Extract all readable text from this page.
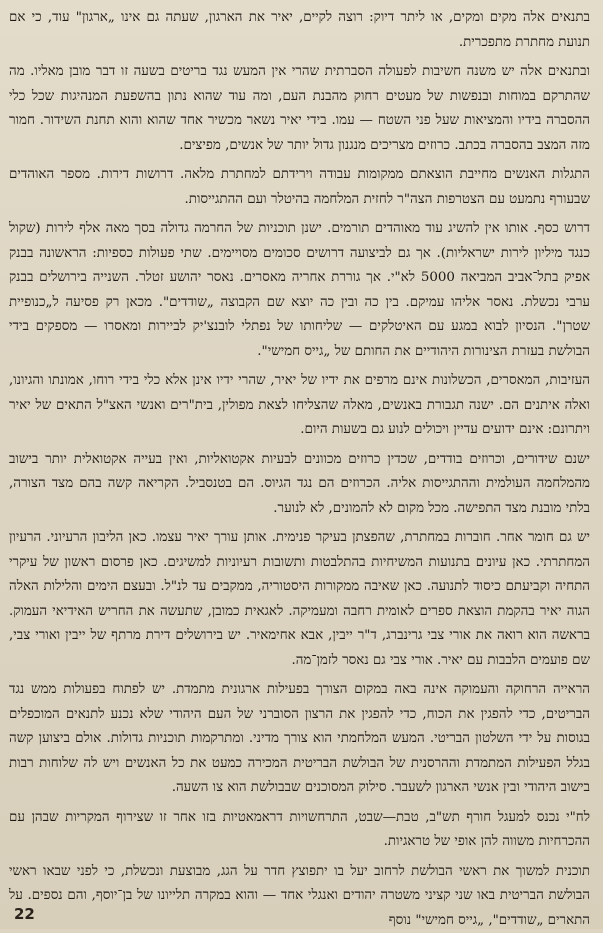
בתנאים אלה מקים ומקים, או ליתר דיוק: רוצה לקיים, יאיר את הארגון, שעתה גם אינו „ארגון" עוד, כי אם תנועת מחתרת מתפכרית.

ובתנאים אלה יש משנה חשיבות לפעולה הסברתית שהרי אין המעש נגד בריטים בשעה זו דבר מובן מאליו. מה שהתרקם במוחות ובנפשות של מעטים רחוק מהבנת העם, ומה עוד שהוא נתון בהשפעת המנהיגות שכל כלי ההסברה בידיו והמציאות שעל פני השטח — עמו. בידי יאיר נשאר מכשיר אחד שהוא והוא תחנת השידור. חמור מזה המצב בהסברה בכתב. כרוזים מצריכים מנגנון גדול יותר של אנשים, מפיצים.

התגלות האנשים מחייבת הוצאתם ממקומות עבודה וירידתם למחתרת מלאה. דרושות דירות. מספר האוהדים שבעורף נתמעט עם הצטרפות הצה"ר לחזית המלחמה בהיטלר ועם ההתגייסות.

דרוש כסף. אותו אין להשיג עוד מאוהדים תורמים. ישנן תוכניות של החרמה גדולה בסך מאה אלף לירות (שקול כנגד מיליון לירות ישראליות). אך גם לביצועה דרושים סכומים מסויימים. שתי פעולות כספיות: הראשונה בבנק אפיק בתל־אביב המביאה 5000 לא"י. אך גוררת אחריה מאסרים. נאסר יהושע זטלר. השנייה בירושלים בבנק ערבי נכשלת. נאסר אליהו עמיקם. בין כה ובין כה יוצא שם הקבוצה „שודדים". מכאן רק פסיעה ל„כנופיית שטרן". הנסיון לבוא במגע עם האיטלקים — שליחותו של נפתלי לובנצ'יק לביירות ומאסרו — מספקים בידי הבולשת בעזרת הצינורות היהודיים את החותם של „גייס חמישי".

העזיבות, המאסרים, הכשלונות אינם מרפים את ידיו של יאיר, שהרי ידיו אינן אלא כלי בידי רוחו, אמונתו והגיונו, ואלה איתנים הם. ישנה תגבורת באנשים, מאלה שהצליחו לצאת מפולין, בית"רים ואנשי האצ"ל התאים של יאיר ויתרונם: אינם ידועים עדיין ויכולים לנוע גם בשעות היום.

ישנם שידורים, וכרוזים בודדים, שכדין כרוזים מכוונים לבעיות אקטואליות, ואין בעייה אקטואלית יותר בישוב מהמלחמה העולמית וההתגייסות אליה. הכרוזים הם נגד הגיוס. הם בטנסביל. הקריאה קשה בהם מצד הצורה, בלתי מובנת מצד התפישה. מכל מקום לא להמונים, לא לנוער.

יש גם חומר אחר. חוברות במחתרת, שהפצתן בעיקר פנימית. אותן עורך יאיר עצמו. כאן הליבון הרעיוני. הרעיון המחתרתי. כאן עיונים בתנועות המשיחיות בהתלבטות ותשובות רעיוניות למשיגים. כאן פרסום ראשון של עיקרי התחיה וקביעתם כיסוד לתנועה. כאן שאיבה ממקורות היסטוריה, ממקבים עד לנ"ל. ובעצם הימים והלילות האלה הגוה יאיר בהקמת הוצאת ספרים לאומית רחבה ומעמיקה. לאגאית כמובן, שתעשה את החריש האידיאי העמוק. בראשה הוא רואה את אורי צבי גרינברג, ד"ר ייבין, אבא אחימאיר. יש בירושלים דירת מרתף של ייבין ואורי צבי, שם פועמים הלבבות עם יאיר. אורי צבי גם נאסר לזמן־מה.

הראייה הרחוקה והעמוקה אינה באה במקום הצורך בפעילות ארגונית מתמדת. יש לפתוח בפעולות ממש נגד הבריטים, כדי להפגין את הכוח, כדי להפגין את הרצון הסוברני של העם היהודי שלא נכנע לתנאים המוכפלים בגוסות על ידי השלטון הבריטי. המעש המלחמתי הוא צורך מדיני. ומתרקמות תוכניות גדולות. אולם ביצוען קשה בגלל הפעילות המתמדת וההרסנית של הבולשת הבריטית המכירה כמעט את כל האנשים ויש לה שלוחות רבות בישוב היהודי ובין אנשי הארגון לשעבר. סילוק המסוכנים שבבולשת הוא צו השעה.

לח"י נכנס למעגל חורף תש"ב, טבת—שבט, התרחשויות דראמאטיות בזו אחר זו שצירוף המקריות שבהן עם ההכרחיות משווה להן אופי של טראגיות.

תוכנית למשוך את ראשי הבולשת לרחוב יעל בו יתפוצץ חדר על הגג, מבוצעת ונכשלת, כי לפני שבאו ראשי הבולשת הבריטית באו שני קציני משטרה יהודים ואנגלי אחד — והוא במקרה תלייונו של בן־יוסף, והם נספים. על התארים „שודדים", „גייס חמישי" נוסף

22
